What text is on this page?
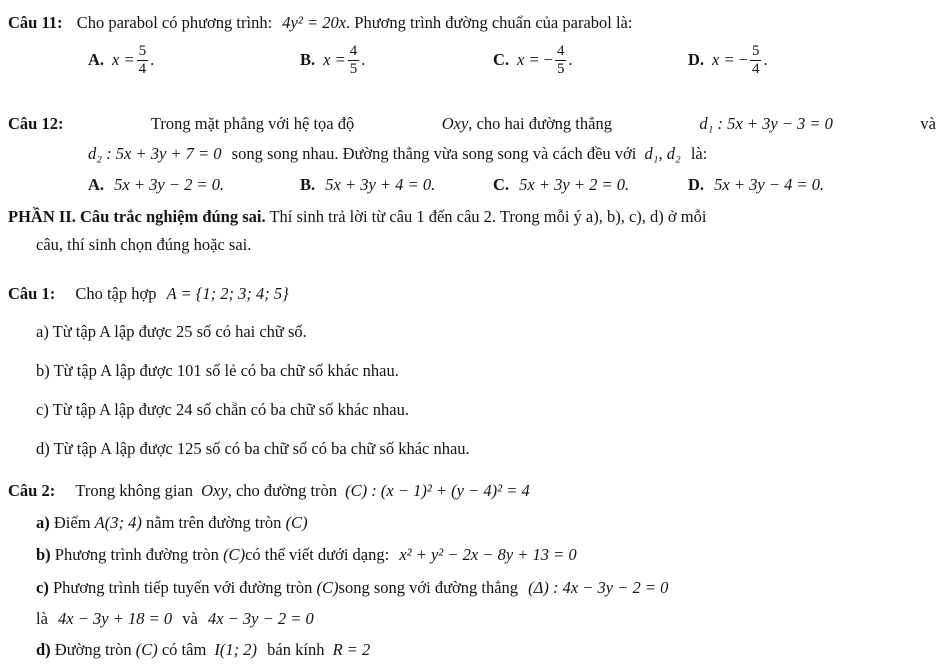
Câu 11: Cho parabol có phương trình: 4y² = 20x. Phương trình đường chuẩn của parabol là:
A. $x = \frac{5}{4}$ .	B. $x = \frac{4}{5}$ .	C. x = − $\frac{4}{5}$ .	D. x = − $\frac{5}{4}$ .
Câu 12:	Trong mặt phẳng với hệ tọa độ	Oxy, cho hai đường thẳng	d₁ : 5x + 3y − 3 = 0	và
d₂ : 5x + 3y + 7 = 0 song song nhau. Đường thẳng vừa song song và cách đều với d₁, d₂ là:
A. 5x + 3y − 2 = 0.	B. 5x + 3y + 4 = 0.	C. 5x + 3y + 2 = 0.	D. 5x + 3y − 4 = 0.
PHẦN II. Câu trắc nghiệm đúng sai. Thí sinh trả lời từ câu 1 đến câu 2. Trong mỗi ý a), b), c), d) ở mỗi
câu, thí sinh chọn đúng hoặc sai.
Câu 1: Cho tập hợp A = {1; 2; 3; 4; 5}
a) Từ tập A lập được 25 số có hai chữ số.
b) Từ tập A lập được 101 số lẻ có ba chữ số khác nhau.
c) Từ tập A lập được 24 số chẵn có ba chữ số khác nhau.
d) Từ tập A lập được 125 số có ba chữ số có ba chữ số khác nhau.
Câu 2: Trong không gian Oxy, cho đường tròn (C) : (x − 1)² + (y − 4)² = 4
a) Điểm A(3; 4) nằm trên đường tròn (C)
b) Phương trình đường tròn (C)có thể viết dưới dạng: x² + y² − 2x − 8y + 13 = 0
c) Phương trình tiếp tuyến với đường tròn (C)song song với đường thẳng (Δ) : 4x − 3y − 2 = 0
là 4x − 3y + 18 = 0 và 4x − 3y − 2 = 0
d) Đường tròn (C) có tâm I(1; 2) bán kính R = 2
